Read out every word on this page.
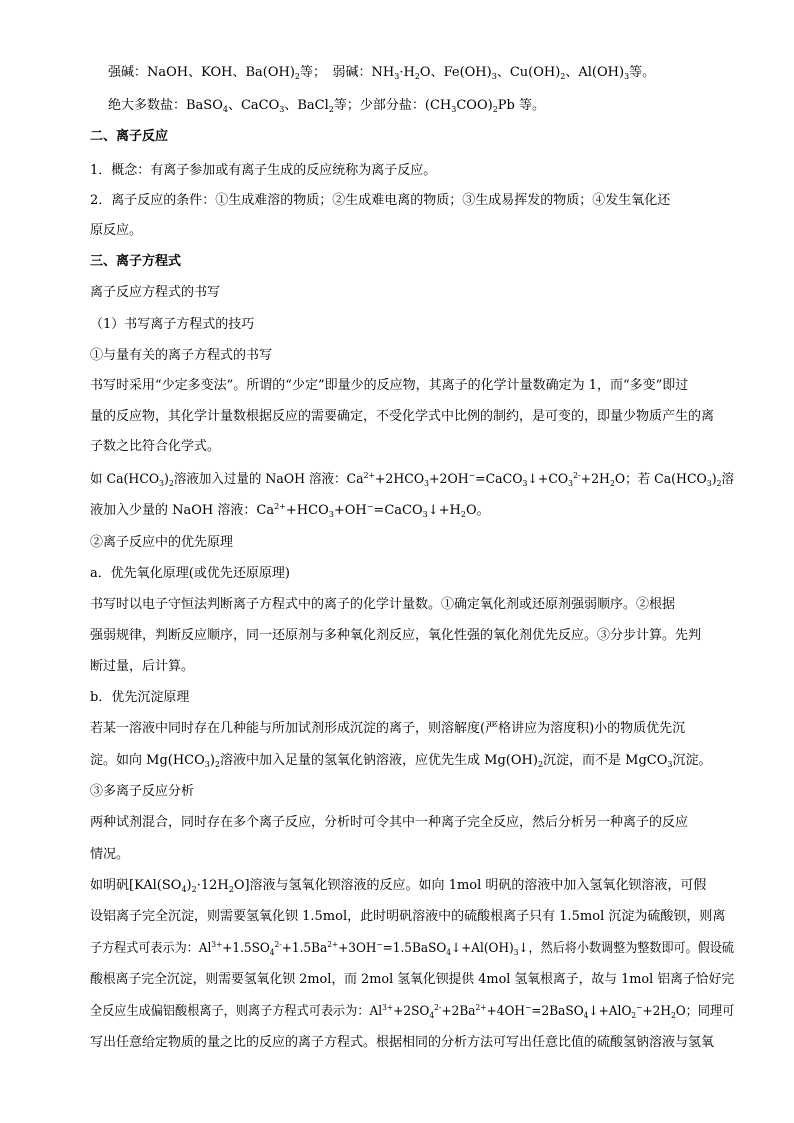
强碱：NaOH、KOH、$Ba(OH)_2$等；　弱碱：$NH_3\cdot H_2O$、$Fe(OH)_3$、$Cu(OH)_2$、$Al(OH)_3$等。
绝大多数盐：BaSO$_4$、CaCO$_3$、BaCl$_2$等；少部分盐：$(CH_3COO)_2Pb$ 等。
二、离子反应
1．概念：有离子参加或有离子生成的反应统称为离子反应。
2．离子反应的条件：①生成难溶的物质；②生成难电离的物质；③生成易挥发的物质；④发生氧化还
原反应。
三、离子方程式
离子反应方程式的书写
（1）书写离子方程式的技巧
①与量有关的离子方程式的书写
书写时采用“少定多变法”。所谓的“少定”即量少的反应物，其离子的化学计量数确定为 1，而“多变”即过
量的反应物，其化学计量数根据反应的需要确定，不受化学式中比例的制约，是可变的，即量少物质产生的离
子数之比符合化学式。
如 $Ca(HCO_3)_2$溶液加入过量的 NaOH 溶液：$Ca^{2+}+2HCO_3+2OH^-=CaCO_3↓+CO_3^{2-}+2H_2O$；若 $Ca(HCO_3)_2$溶
液加入少量的 NaOH 溶液：$Ca^{2+}+HCO_3+OH^-=CaCO_3↓+H_2O$。
②离子反应中的优先原理
a．优先氧化原理(或优先还原原理)
书写时以电子守恒法判断离子方程式中的离子的化学计量数。①确定氧化剂或还原剂强弱顺序。②根据
强弱规律，判断反应顺序，同一还原剂与多种氧化剂反应，氧化性强的氧化剂优先反应。③分步计算。先判
断过量，后计算。
b．优先沉淀原理
若某一溶液中同时存在几种能与所加试剂形成沉淀的离子，则溶解度(严格讲应为溶度积)小的物质优先沉
淀。如向 $Mg(HCO_3)_2$溶液中加入足量的氢氧化钠溶液，应优先生成 $Mg(OH)_2$沉淀，而不是 MgCO$_3$沉淀。
③多离子反应分析
两种试剂混合，同时存在多个离子反应，分析时可令其中一种离子完全反应，然后分析另一种离子的反应
情况。
如明矾$[KAl(SO_4)_2\cdot 12H_2O]$溶液与氢氧化钡溶液的反应。如向 1mol 明矾的溶液中加入氢氧化钡溶液，可假
设铝离子完全沉淀，则需要氢氧化钡 1.5mol，此时明矾溶液中的硫酸根离子只有 1.5mol 沉淀为硫酸钡，则离
子方程式可表示为：$Al^{3+}+1.5SO_4^{2-}+1.5Ba^{2+}+3OH^-=1.5BaSO_4↓+Al(OH)_3↓$，然后将小数调整为整数即可。假设硫
酸根离子完全沉淀，则需要氢氧化钡 2mol，而 2mol 氢氧化钡提供 4mol 氢氧根离子，故与 1mol 铝离子恰好完
全反应生成偏铝酸根离子，则离子方程式可表示为：$Al^{3+}+2SO_4^{2-}+2Ba^{2+}+4OH^-=2BaSO_4↓+AlO_2^-+2H_2O$；同理可
写出任意给定物质的量之比的反应的离子方程式。根据相同的分析方法可写出任意比值的硫酸氢钠溶液与氢氧
